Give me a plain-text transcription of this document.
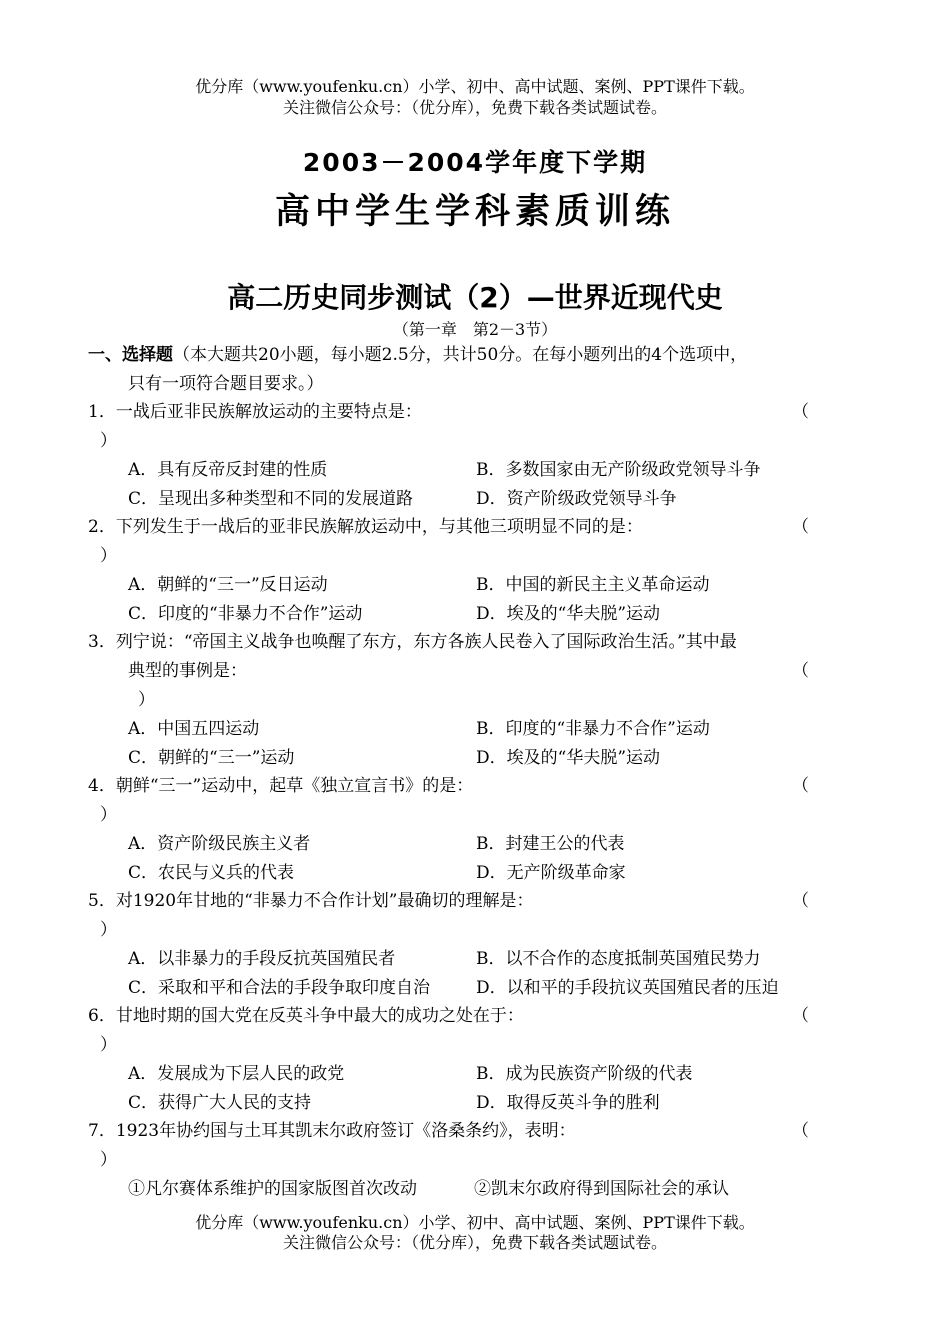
优分库（www.youfenku.cn）小学、初中、高中试题、案例、PPT课件下载。
关注微信公众号：（优分库），免费下载各类试题试卷。
2003－2004学年度下学期
高中学生学科素质训练
高二历史同步测试（2）—世界近现代史
（第一章　第2－3节）
一、选择题（本大题共20小题，每小题2.5分，共计50分。在每小题列出的4个选项中，
只有一项符合题目要求。）
1．一战后亚非民族解放运动的主要特点是：	（
）
A．具有反帝反封建的性质	B．多数国家由无产阶级政党领导斗争
C．呈现出多种类型和不同的发展道路	D．资产阶级政党领导斗争
2．下列发生于一战后的亚非民族解放运动中，与其他三项明显不同的是：	（
）
A．朝鲜的“三一”反日运动	B．中国的新民主主义革命运动
C．印度的“非暴力不合作”运动	D．埃及的“华夫脱”运动
3．列宁说：“帝国主义战争也唤醒了东方，东方各族人民卷入了国际政治生活。”其中最
典型的事例是：	（
）
A．中国五四运动	B．印度的“非暴力不合作”运动
C．朝鲜的“三一”运动	D．埃及的“华夫脱”运动
4．朝鲜“三一”运动中，起草《独立宣言书》的是：	（
）
A．资产阶级民族主义者	B．封建王公的代表
C．农民与义兵的代表	D．无产阶级革命家
5．对1920年甘地的“非暴力不合作计划”最确切的理解是：	（
）
A．以非暴力的手段反抗英国殖民者	B．以不合作的态度抵制英国殖民势力
C．采取和平和合法的手段争取印度自治	D．以和平的手段抗议英国殖民者的压迫
6．甘地时期的国大党在反英斗争中最大的成功之处在于：	（
）
A．发展成为下层人民的政党	B．成为民族资产阶级的代表
C．获得广大人民的支持	D．取得反英斗争的胜利
7．1923年协约国与土耳其凯末尔政府签订《洛桑条约》，表明：	（
）
①凡尔赛体系维护的国家版图首次改动	②凯末尔政府得到国际社会的承认
优分库（www.youfenku.cn）小学、初中、高中试题、案例、PPT课件下载。
关注微信公众号：（优分库），免费下载各类试题试卷。
